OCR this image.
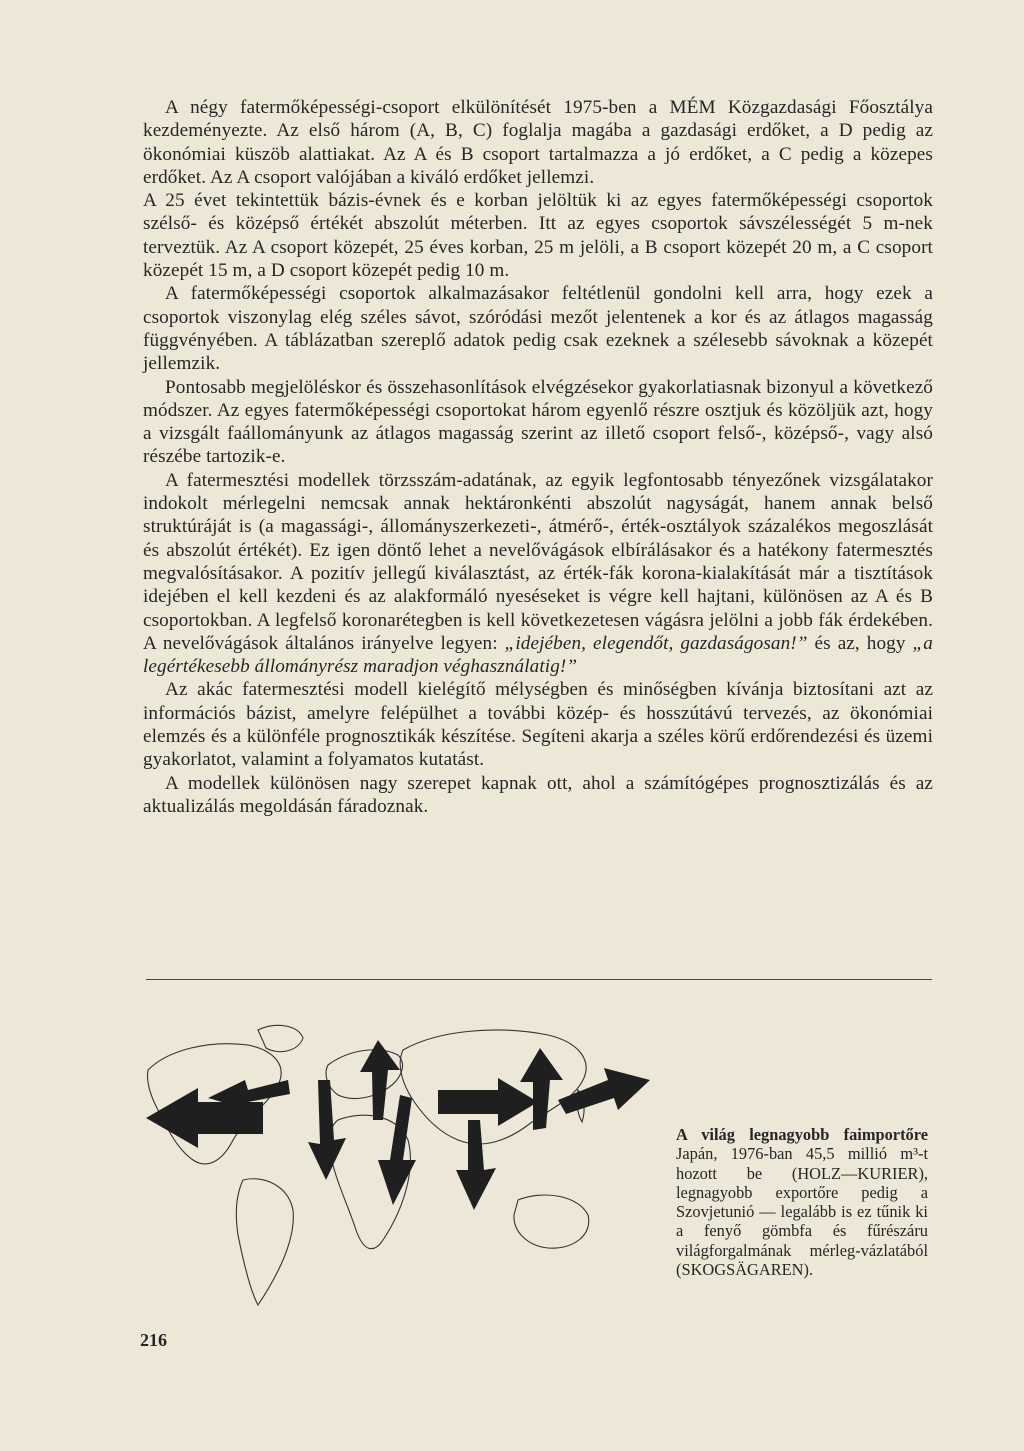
A négy fatermőképességi-csoport elkülönítését 1975-ben a MÉM Közgazdasági Főosztálya kezdeményezte. Az első három (A, B, C) foglalja magába a gazdasági erdőket, a D pedig az ökonómiai küszöb alattiakat. Az A és B csoport tartalmazza a jó erdőket, a C pedig a közepes erdőket. Az A csoport valójában a kiváló erdőket jellemzi.

A 25 évet tekintettük bázis-évnek és e korban jelöltük ki az egyes fatermőképességi csoportok szélső- és középső értékét abszolút méterben. Itt az egyes csoportok sávszélességét 5 m-nek terveztük. Az A csoport közepét, 25 éves korban, 25 m jelöli, a B csoport közepét 20 m, a C csoport közepét 15 m, a D csoport közepét pedig 10 m.

A fatermőképességi csoportok alkalmazásakor feltétlenül gondolni kell arra, hogy ezek a csoportok viszonylag elég széles sávot, szóródási mezőt jelentenek a kor és az átlagos magasság függvényében. A táblázatban szereplő adatok pedig csak ezeknek a szélesebb sávoknak a közepét jellemzik.

Pontosabb megjelöléskor és összehasonlítások elvégzésekor gyakorlatiasnak bizonyul a következő módszer. Az egyes fatermőképességi csoportokat három egyenlő részre osztjuk és közöljük azt, hogy a vizsgált faállományunk az átlagos magasság szerint az illető csoport felső-, középső-, vagy alsó részébe tartozik-e.

A fatermesztési modellek törzsszám-adatának, az egyik legfontosabb tényezőnek vizsgálatakor indokolt mérlegelni nemcsak annak hektáronkénti abszolút nagyságát, hanem annak belső struktúráját is (a magassági-, állományszerkezeti-, átmérő-, érték-osztályok százalékos megoszlását és abszolút értékét). Ez igen döntő lehet a nevelővágások elbírálásakor és a hatékony fatermesztés megvalósításakor. A pozitív jellegű kiválasztást, az érték-fák korona-kialakítását már a tisztítások idejében el kell kezdeni és az alakformáló nyeséseket is végre kell hajtani, különösen az A és B csoportokban. A legfelső koronarétegben is kell következetesen vágásra jelölni a jobb fák érdekében. A nevelővágások általános irányelve legyen: „idejében, elegendőt, gazdaságosan!” és az, hogy „a legértékesebb állományrész maradjon véghasználatig!”

Az akác fatermesztési modell kielégítő mélységben és minőségben kívánja biztosítani azt az információs bázist, amelyre felépülhet a további közép- és hosszútávú tervezés, az ökonómiai elemzés és a különféle prognosztikák készítése. Segíteni akarja a széles körű erdőrendezési és üzemi gyakorlatot, valamint a folyamatos kutatást.

A modellek különösen nagy szerepet kapnak ott, ahol a számítógépes prognosztizálás és az aktualizálás megoldásán fáradoznak.

A világ legnagyobb faimportőre Japán, 1976-ban 45,5 millió m³-t hozott be (HOLZ—KURIER), legnagyobb exportőre pedig a Szovjetunió — legalább is ez tűnik ki a fenyő gömbfa és fűrészáru világforgalmának mérleg-vázlatából (SKOGSÄGAREN).
216
